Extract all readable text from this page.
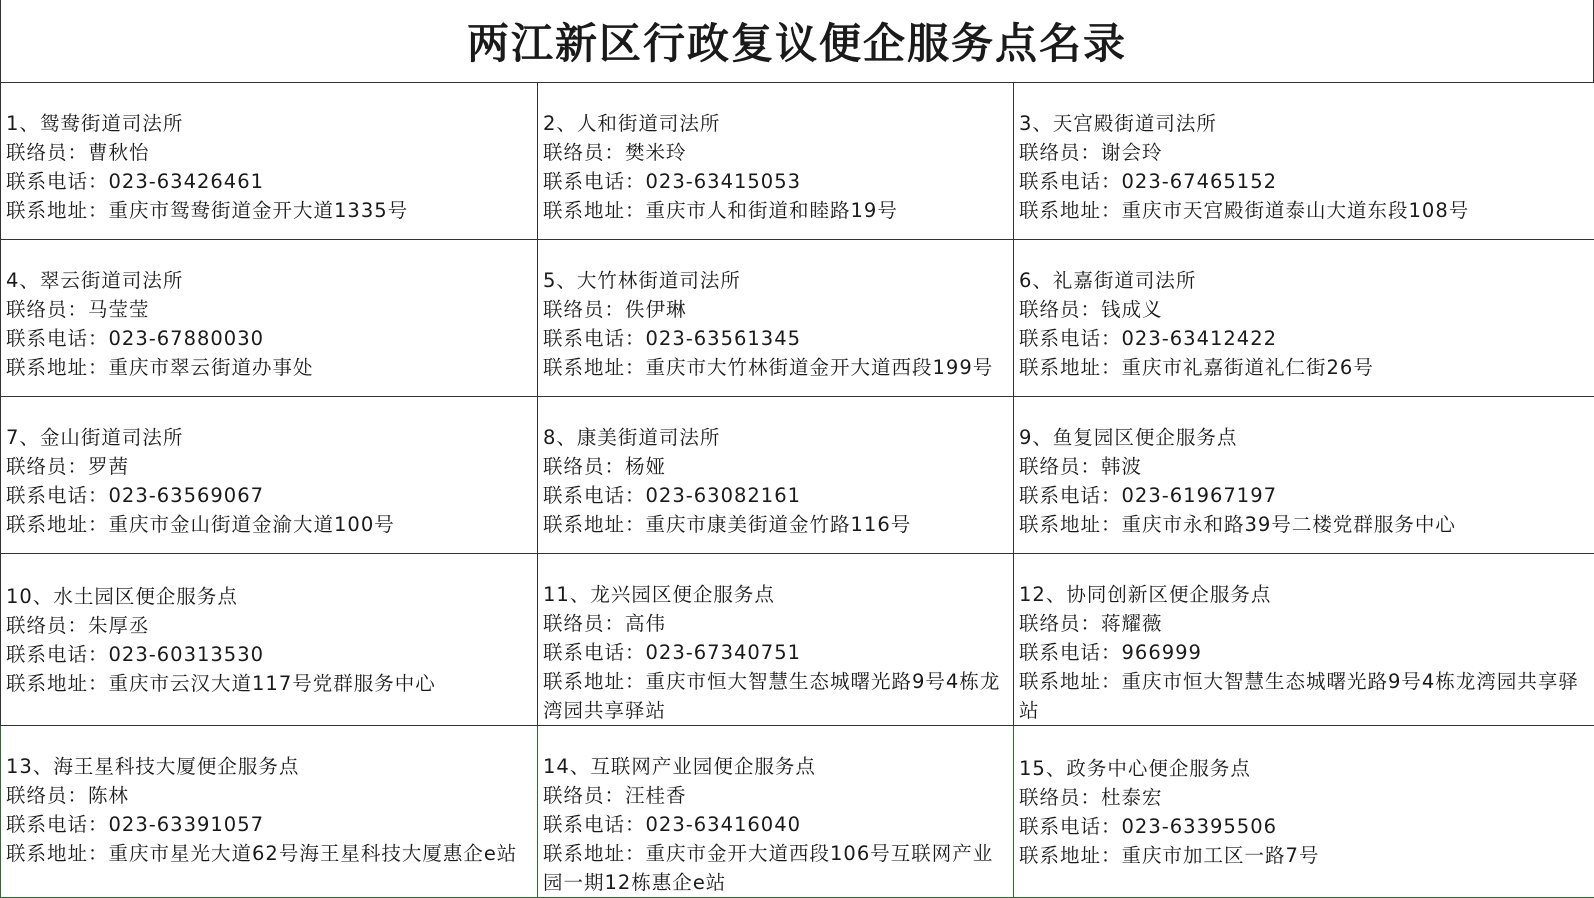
两江新区行政复议便企服务点名录
1、鸳鸯街道司法所
联络员：曹秋怡
联系电话：023-63426461
联系地址：重庆市鸳鸯街道金开大道1335号	2、人和街道司法所
联络员：樊米玲
联系电话：023-63415053
联系地址：重庆市人和街道和睦路19号	3、天宫殿街道司法所
联络员：谢会玲
联系电话：023-67465152
联系地址：重庆市天宫殿街道泰山大道东段108号

4、翠云街道司法所
联络员：马莹莹
联系电话：023-67880030
联系地址：重庆市翠云街道办事处	5、大竹林街道司法所
联络员：佚伊琳
联系电话：023-63561345
联系地址：重庆市大竹林街道金开大道西段199号	6、礼嘉街道司法所
联络员：钱成义
联系电话：023-63412422
联系地址：重庆市礼嘉街道礼仁街26号

7、金山街道司法所
联络员：罗茜
联系电话：023-63569067
联系地址：重庆市金山街道金渝大道100号	8、康美街道司法所
联络员：杨娅
联系电话：023-63082161
联系地址：重庆市康美街道金竹路116号	9、鱼复园区便企服务点
联络员：韩波
联系电话：023-61967197
联系地址：重庆市永和路39号二楼党群服务中心

10、水土园区便企服务点
联络员：朱厚丞
联系电话：023-60313530
联系地址：重庆市云汉大道117号党群服务中心	11、龙兴园区便企服务点
联络员：高伟
联系电话：023-67340751
联系地址：重庆市恒大智慧生态城曙光路9号4栋龙湾园共享驿站	12、协同创新区便企服务点
联络员：蒋耀薇
联系电话：966999
联系地址：重庆市恒大智慧生态城曙光路9号4栋龙湾园共享驿站

13、海王星科技大厦便企服务点
联络员：陈林
联系电话：023-63391057
联系地址：重庆市星光大道62号海王星科技大厦惠企e站	14、互联网产业园便企服务点
联络员：汪桂香
联系电话：023-63416040
联系地址：重庆市金开大道西段106号互联网产业园一期12栋惠企e站	15、政务中心便企服务点
联络员：杜泰宏
联系电话：023-63395506
联系地址：重庆市加工区一路7号
